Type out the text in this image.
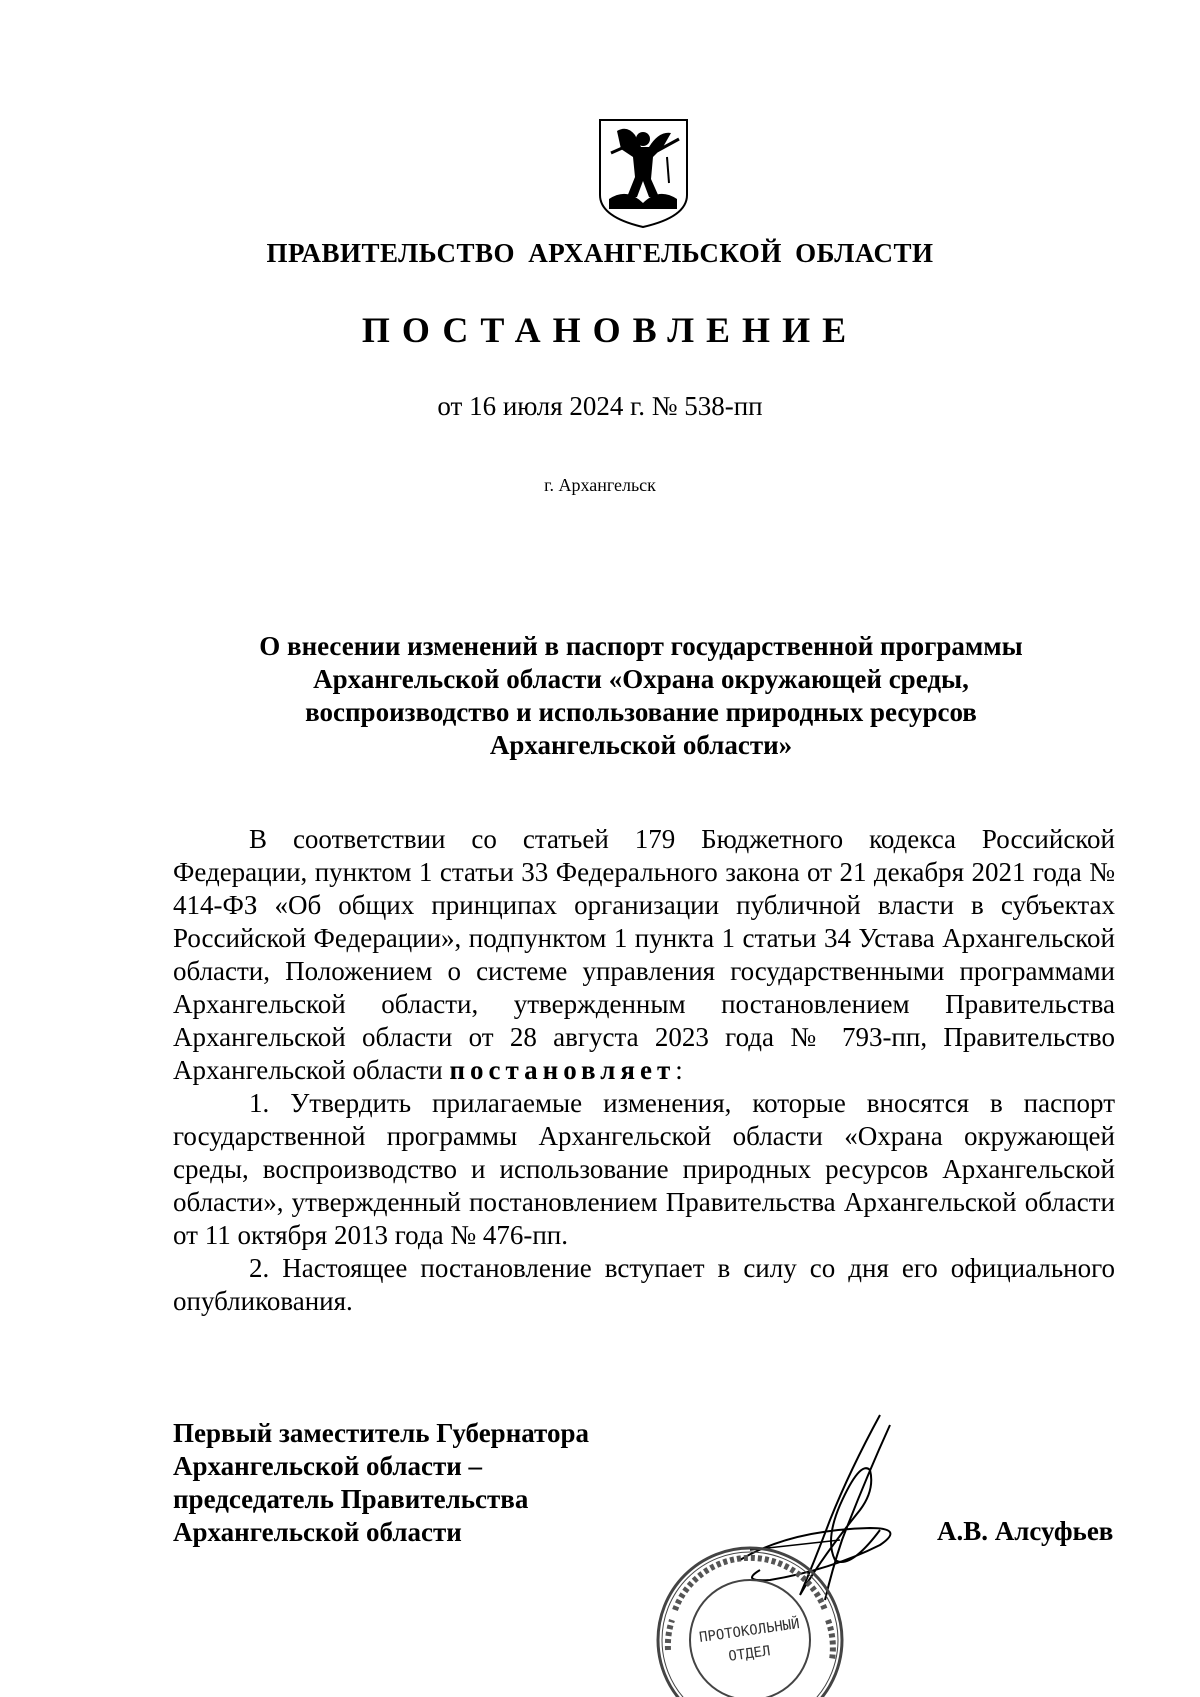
ПРАВИТЕЛЬСТВО АРХАНГЕЛЬСКОЙ ОБЛАСТИ
ПОСТАНОВЛЕНИЕ
от 16 июля 2024 г. № 538-пп
г. Архангельск
О внесении изменений в паспорт государственной программы
Архангельской области «Охрана окружающей среды,
воспроизводство и использование природных ресурсов
Архангельской области»

В соответствии со статьей 179 Бюджетного кодекса Российской Федерации, пунктом 1 статьи 33 Федерального закона от 21 декабря 2021 года № 414-ФЗ «Об общих принципах организации публичной власти в субъектах Российской Федерации», подпунктом 1 пункта 1 статьи 34 Устава Архангельской области, Положением о системе управления государственными программами Архангельской области, утвержденным постановлением Правительства Архангельской области от 28 августа 2023 года № 793-пп, Правительство Архангельской области постановляет:

1. Утвердить прилагаемые изменения, которые вносятся в паспорт государственной программы Архангельской области «Охрана окружающей среды, воспроизводство и использование природных ресурсов Архангельской области», утвержденный постановлением Правительства Архангельской области от 11 октября 2013 года № 476-пп.

2. Настоящее постановление вступает в силу со дня его официального опубликования.

Первый заместитель Губернатора
Архангельской области –
председатель Правительства
Архангельской области
ПРОТОКОЛЬНЫЙ
ОТДЕЛ
А.В. Алсуфьев
